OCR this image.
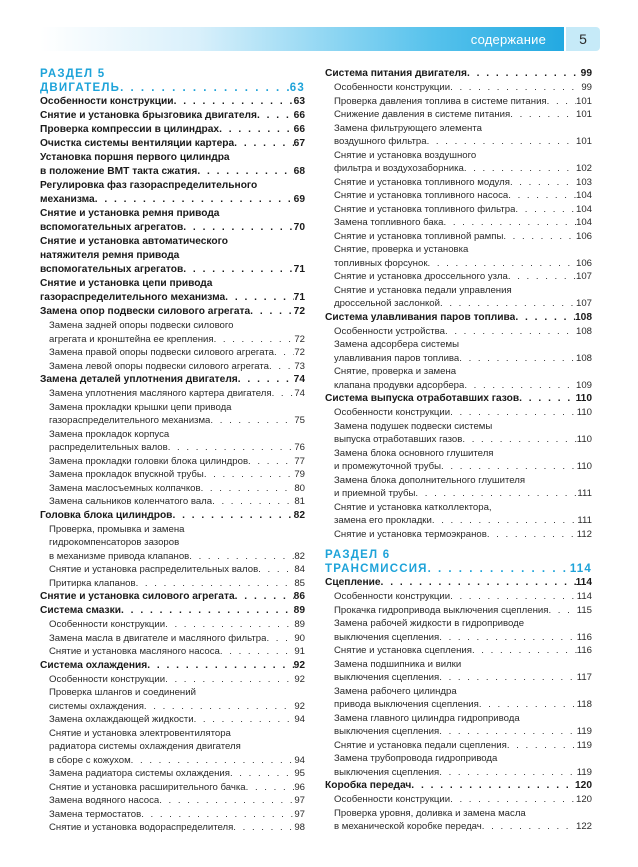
содержание	5
РАЗДЕЛ 5
ДВИГАТЕЛЬ . . .	63
Особенности конструкции . . .	63
Снятие и установка брызговика двигателя . . .	66
Проверка компрессии в цилиндрах . . .	66
Очистка системы вентиляции картера . . .	67
Установка поршня первого цилиндра
в положение ВМТ такта сжатия . . .	68
Регулировка фаз газораспределительного
механизма . . .	69
Снятие и установка ремня привода
вспомогательных агрегатов . . .	70
Снятие и установка автоматического
натяжителя ремня привода
вспомогательных агрегатов . . .	71
Снятие и установка цепи привода
газораспределительного механизма . . .	71
Замена опор подвески силового агрегата . . .	72
Замена задней опоры подвески силового
агрегата и кронштейна ее крепления . . .	72
Замена правой опоры подвески силового агрегата . . . 72
Замена левой опоры подвески силового агрегата . . .	73
Замена деталей уплотнения двигателя . . .	74
Замена уплотнения масляного картера двигателя . . . 74
Замена прокладки крышки цепи привода
газораспределительного механизма . . .	75
Замена прокладок корпуса
распределительных валов . . .	76
Замена прокладки головки блока цилиндров . . .	77
Замена прокладок впускной трубы . . .	79
Замена маслосъемных колпачков . . .	80
Замена сальников коленчатого вала . . .	81
Головка блока цилиндров . . .	82
Проверка, промывка и замена
гидрокомпенсаторов зазоров
в механизме привода клапанов . . .	82
Снятие и установка распределительных валов . . .	84
Притирка клапанов . . .	85
Снятие и установка силового агрегата . . .	86
Система смазки . . .	89
Особенности конструкции . . .	89
Замена масла в двигателе и масляного фильтра . . .	90
Снятие и установка масляного насоса . . .	91
Система охлаждения . . .	92
Особенности конструкции . . .	92
Проверка шлангов и соединений
системы охлаждения . . .	92
Замена охлаждающей жидкости . . .	94
Снятие и установка электровентилятора
радиатора системы охлаждения двигателя
в сборе с кожухом . . .	94
Замена радиатора системы охлаждения . . .	95
Снятие и установка расширительного бачка . . .	96
Замена водяного насоса . . .	97
Замена термостатов . . .	97
Снятие и установка водораспределителя . . .	98
Система питания двигателя . . .	99
Особенности конструкции . . .	99
Проверка давления топлива в системе питания . . .	101
Снижение давления в системе питания . . .	101
Замена фильтрующего элемента
воздушного фильтра . . .	101
Снятие и установка воздушного
фильтра и воздухозаборника . . .	102
Снятие и установка топливного модуля . . .	103
Снятие и установка топливного насоса . . .	104
Снятие и установка топливного фильтра . . .	104
Замена топливного бака . . .	104
Снятие и установка топливной рампы . . .	106
Снятие, проверка и установка
топливных форсунок . . .	106
Снятие и установка дроссельного узла . . .	107
Снятие и установка педали управления
дроссельной заслонкой . . .	107
Система улавливания паров топлива . . .	108
Особенности устройства . . .	108
Замена адсорбера системы
улавливания паров топлива . . .	108
Снятие, проверка и замена
клапана продувки адсорбера . . .	109
Система выпуска отработавших газов . . .	110
Особенности конструкции . . .	110
Замена подушек подвески системы
выпуска отработавших газов . . .	110
Замена блока основного глушителя
и промежуточной трубы . . .	110
Замена блока дополнительного глушителя
и приемной трубы . . .	111
Снятие и установка катколлектора,
замена его прокладки . . .	111
Снятие и установка термоэкранов . . .	112
РАЗДЕЛ 6
ТРАНСМИССИЯ . . .	114
Сцепление . . .	114
Особенности конструкции . . .	114
Прокачка гидропривода выключения сцепления . . .	115
Замена рабочей жидкости в гидроприводе
выключения сцепления . . .	116
Снятие и установка сцепления . . .	116
Замена подшипника и вилки
выключения сцепления . . .	117
Замена рабочего цилиндра
привода выключения сцепления . . .	118
Замена главного цилиндра гидропривода
выключения сцепления . . .	119
Снятие и установка педали сцепления . . .	119
Замена трубопровода гидропривода
выключения сцепления . . .	119
Коробка передач . . .	120
Особенности конструкции . . .	120
Проверка уровня, доливка и замена масла
в механической коробке передач . . .	122
